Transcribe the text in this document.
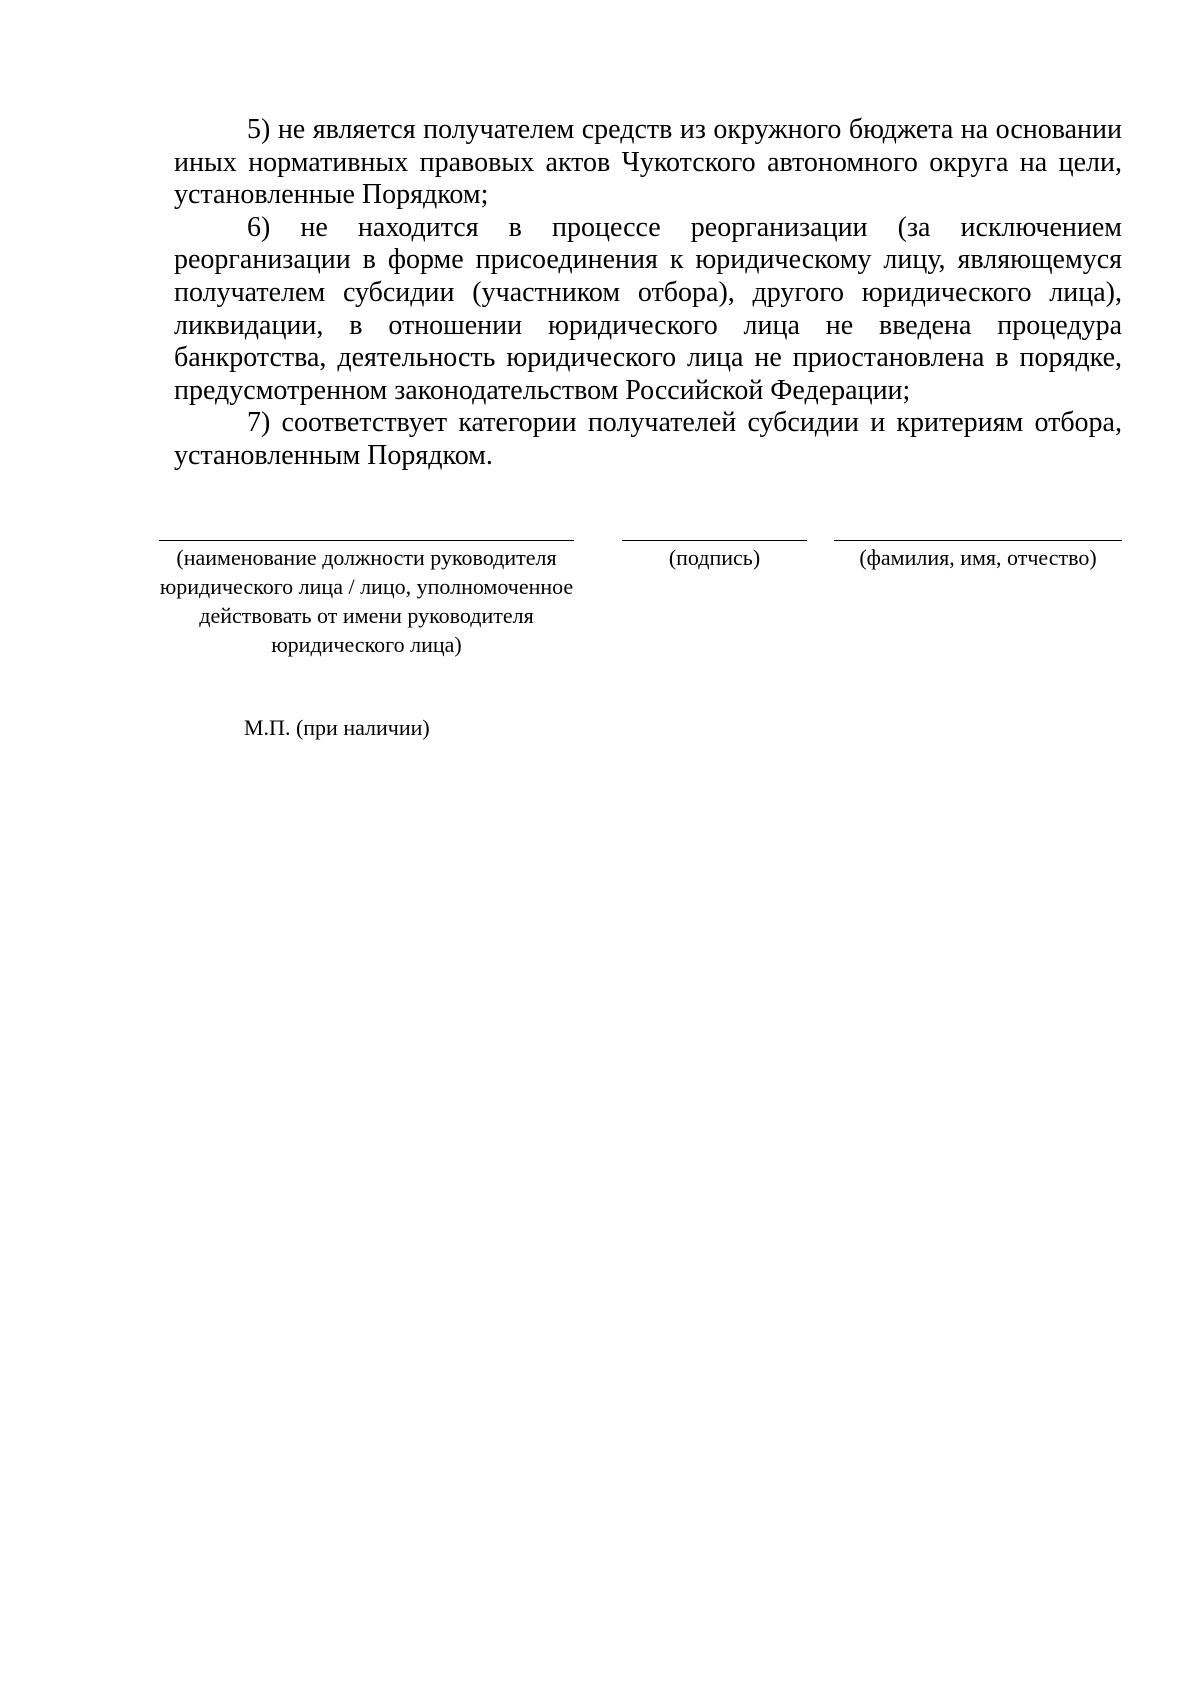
5) не является получателем средств из окружного бюджета на основании иных нормативных правовых актов Чукотского автономного округа на цели, установленные Порядком;

6) не находится в процессе реорганизации (за исключением реорганизации в форме присоединения к юридическому лицу, являющемуся получателем субсидии (участником отбора), другого юридического лица), ликвидации, в отношении юридического лица не введена процедура банкротства, деятельность юридического лица не приостановлена в порядке, предусмотренном законодательством Российской Федерации;

7) соответствует категории получателей субсидии и критериям отбора, установленным Порядком.

(наименование должности руководителя юридического лица / лицо, уполномоченное действовать от имени руководителя юридического лица)
(подпись)	(фамилия, имя, отчество)
М.П. (при наличии)
